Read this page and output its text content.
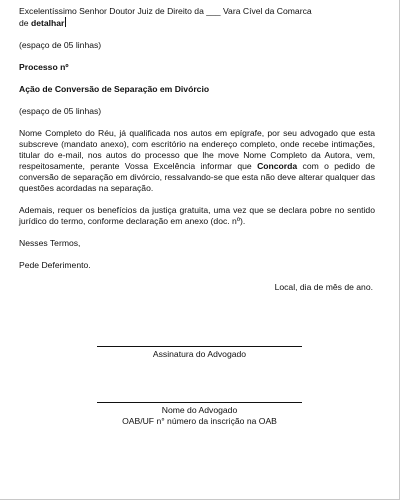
Excelentíssimo Senhor Doutor Juiz de Direito da ___ Vara Cível da Comarca
de detalhar

(espaço de 05 linhas)

Processo nº

Ação de Conversão de Separação em Divórcio

(espaço de 05 linhas)

Nome Completo do Réu, já qualificada nos autos em epígrafe, por seu advogado que esta subscreve (mandato anexo), com escritório na endereço completo, onde recebe intimações, titular do e-mail, nos autos do processo que lhe move Nome Completo da Autora, vem, respeitosamente, perante Vossa Excelência informar que Concorda com o pedido de conversão de separação em divórcio, ressalvando-se que esta não deve alterar qualquer das questões acordadas na separação.

Ademais, requer os benefícios da justiça gratuita, uma vez que se declara pobre no sentido jurídico do termo, conforme declaração em anexo (doc. nº).

Nesses Termos,

Pede Deferimento.

Local, dia de mês de ano.

Assinatura do Advogado
Nome do Advogado
OAB/UF n° número da inscrição na OAB
